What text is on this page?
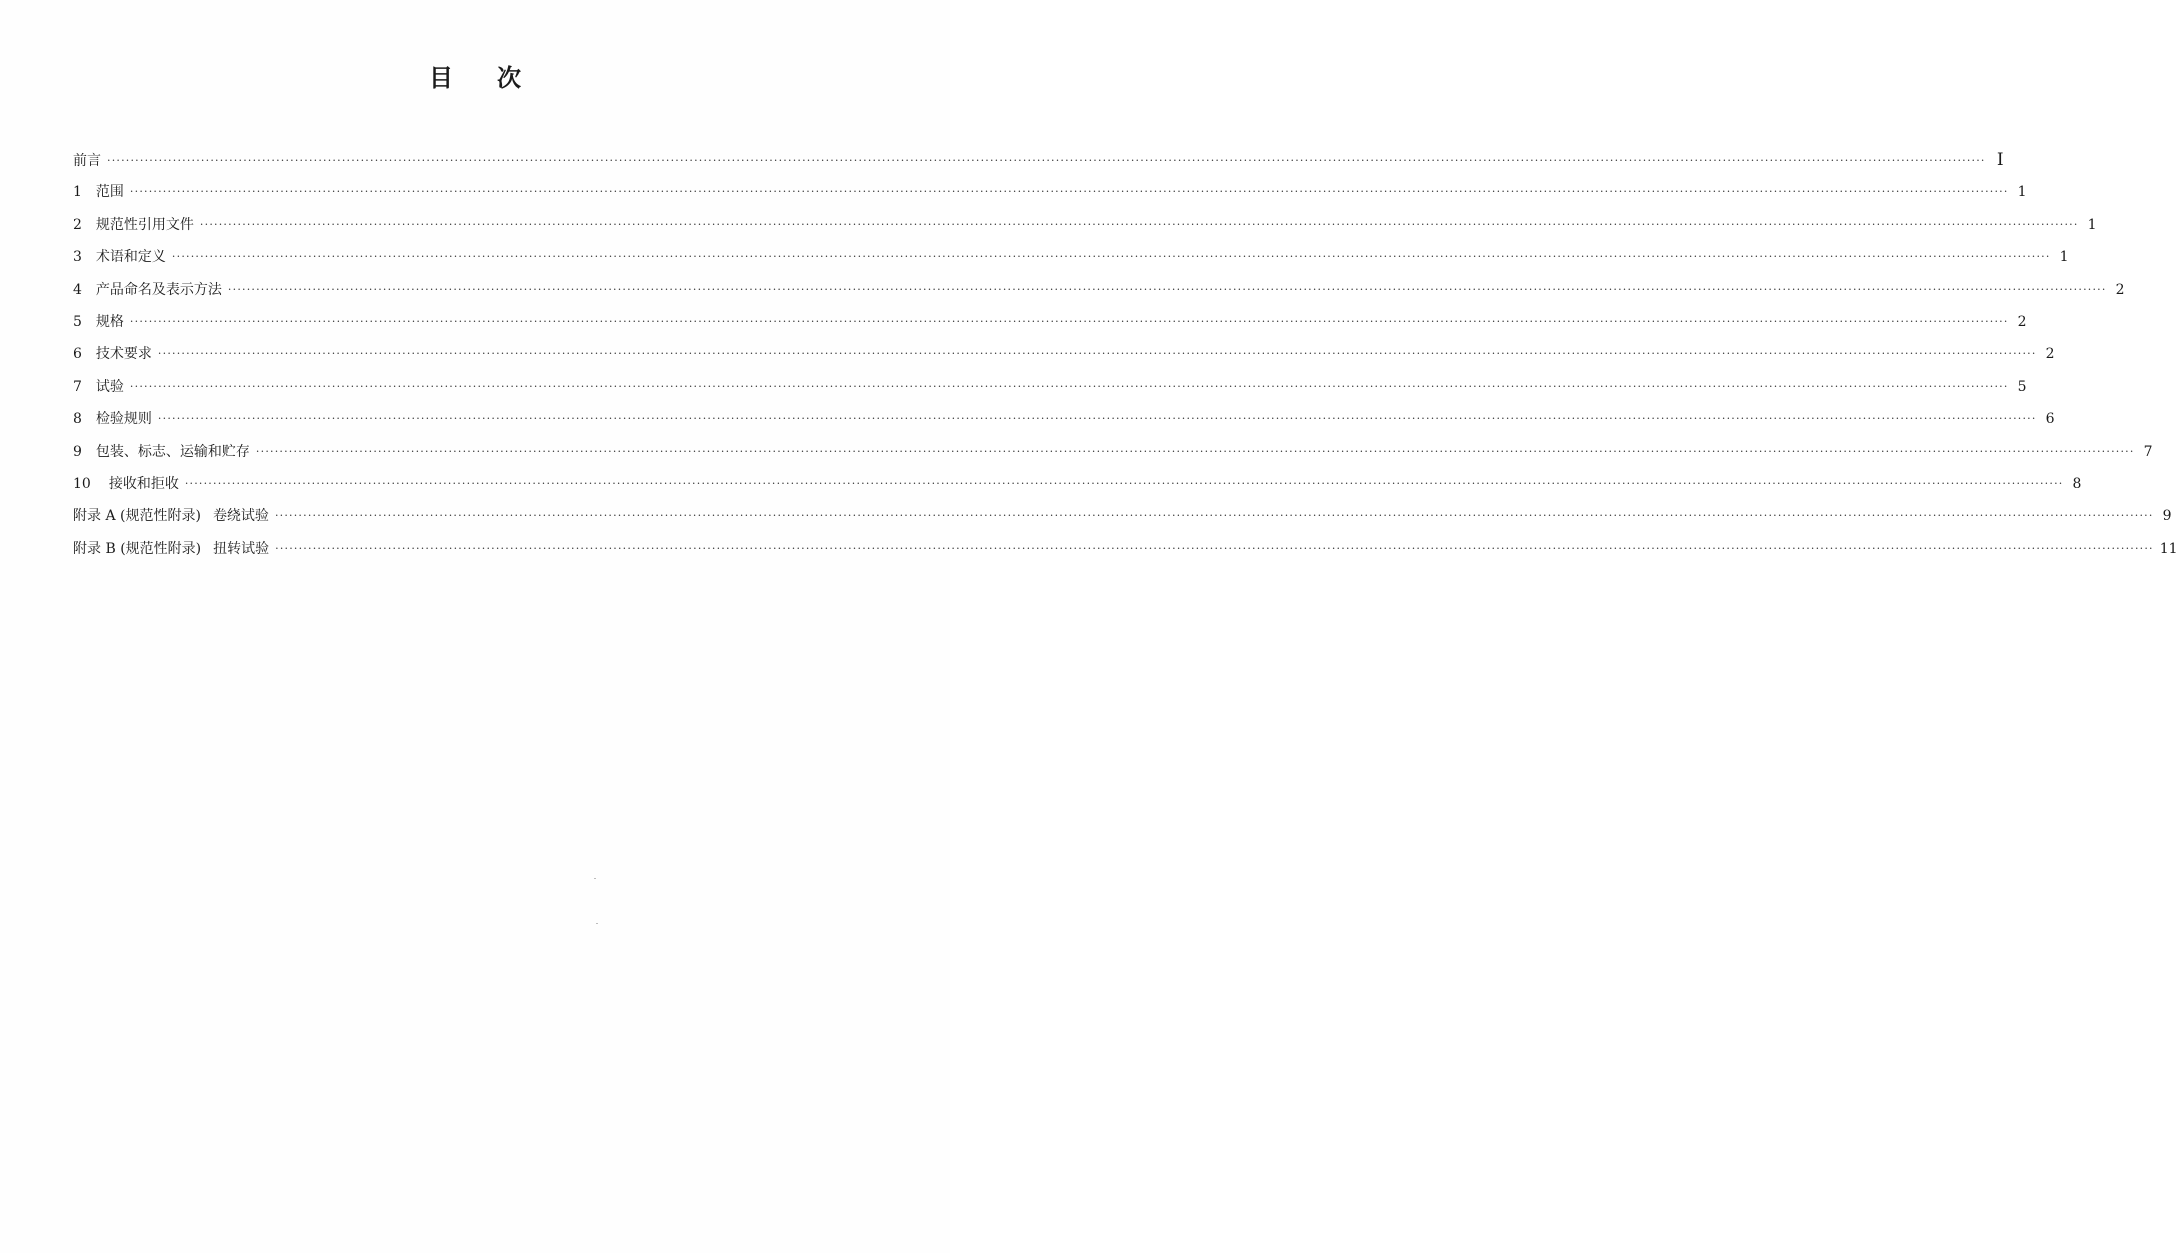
目 次
前言 ················································································································································································································································································································································································································ I
1 范围 ················································································································································································································································································································································································································ 1
2 规范性引用文件 ················································································································································································································································································································································································································ 1
3 术语和定义 ················································································································································································································································································································································································································ 1
4 产品命名及表示方法 ················································································································································································································································································································································································································ 2
5 规格 ················································································································································································································································································································································································································ 2
6 技术要求 ················································································································································································································································································································································································································ 2
7 试验 ················································································································································································································································································································································································································ 5
8 检验规则 ················································································································································································································································································································································································································ 6
9 包装、标志、运输和贮存 ················································································································································································································································································································································································································ 7
10 接收和拒收 ················································································································································································································································································································································································································ 8
附录 A (规范性附录) 卷绕试验 ················································································································································································································································································································································································································ 9
附录 B (规范性附录) 扭转试验 ················································································································································································································································································································································································································ 11
